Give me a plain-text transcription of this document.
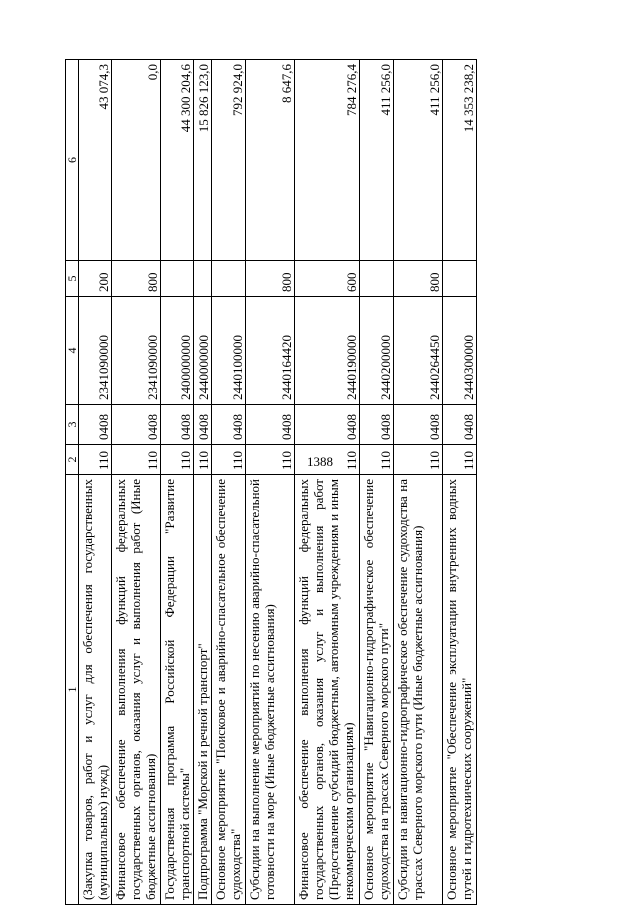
1388
1	2	3	4	5	6
(Закупка товаров, работ и услуг для обеспечения государственных (муниципальных) нужд)	110	0408	2341090000	200	43 074,3
Финансовое обеспечение выполнения функций федеральных государственных органов, оказания услуг и выполнения работ (Иные бюджетные ассигнования)	110	0408	2341090000	800	0,0
Государственная программа Российской Федерации "Развитие транспортной системы"	110	0408	2400000000		44 300 204,6
Подпрограмма "Морской и речной транспорт"	110	0408	2440000000		15 826 123,0
Основное мероприятие "Поисковое и аварийно-спасательное обеспечение судоходства"	110	0408	2440100000		792 924,0
Субсидии на выполнение мероприятий по несению аварийно-спасательной готовности на море (Иные бюджетные ассигнования)	110	0408	2440164420	800	8 647,6
Финансовое обеспечение выполнения функций федеральных государственных органов, оказания услуг и выполнения работ (Предоставление субсидий бюджетным, автономным учреждениям и иным некоммерческим организациям)	110	0408	2440190000	600	784 276,4
Основное мероприятие "Навигационно-гидрографическое обеспечение судоходства на трассах Северного морского пути"	110	0408	2440200000		411 256,0
Субсидии на навигационно-гидрографическое обеспечение судоходства на трассах Северного морского пути (Иные бюджетные ассигнования)	110	0408	2440264450	800	411 256,0
Основное мероприятие "Обеспечение эксплуатации внутренних водных путей и гидротехнических сооружений"	110	0408	2440300000		14 353 238,2
